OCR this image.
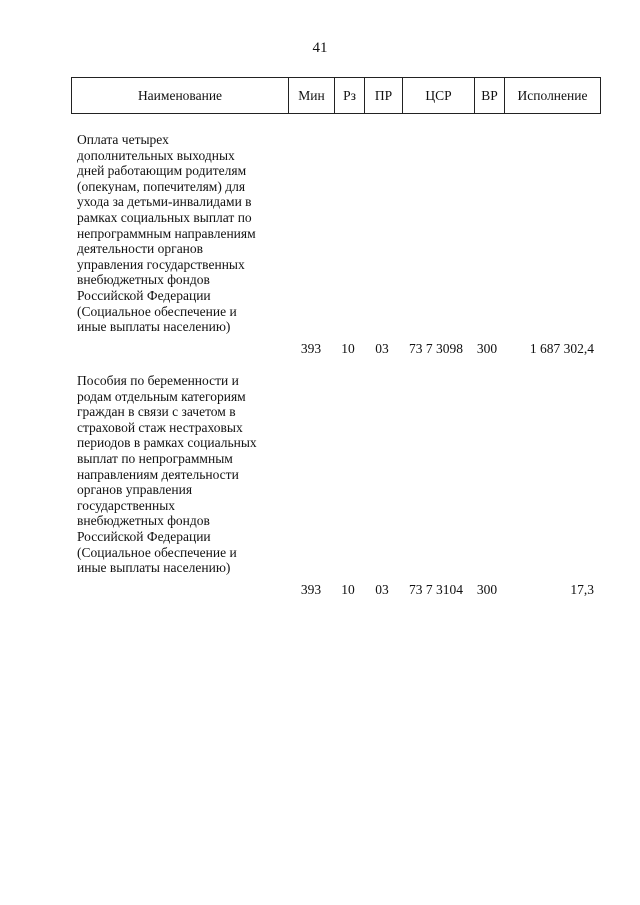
41
Наименование	Мин	Рз	ПР	ЦСР	ВР	Исполнение
Оплата четырех
дополнительных выходных
дней работающим родителям
(опекунам, попечителям) для
ухода за детьми-инвалидами в
рамках социальных выплат по
непрограммным направлениям
деятельности органов
управления государственных
внебюджетных фондов
Российской Федерации
(Социальное обеспечение и
иные выплаты населению)
393	10	03	73 7 3098	300	1 687 302,4
Пособия по беременности и
родам отдельным категориям
граждан в связи с зачетом в
страховой стаж нестраховых
периодов в рамках социальных
выплат по непрограммным
направлениям деятельности
органов управления
государственных
внебюджетных фондов
Российской Федерации
(Социальное обеспечение и
иные выплаты населению)
393	10	03	73 7 3104	300	17,3
